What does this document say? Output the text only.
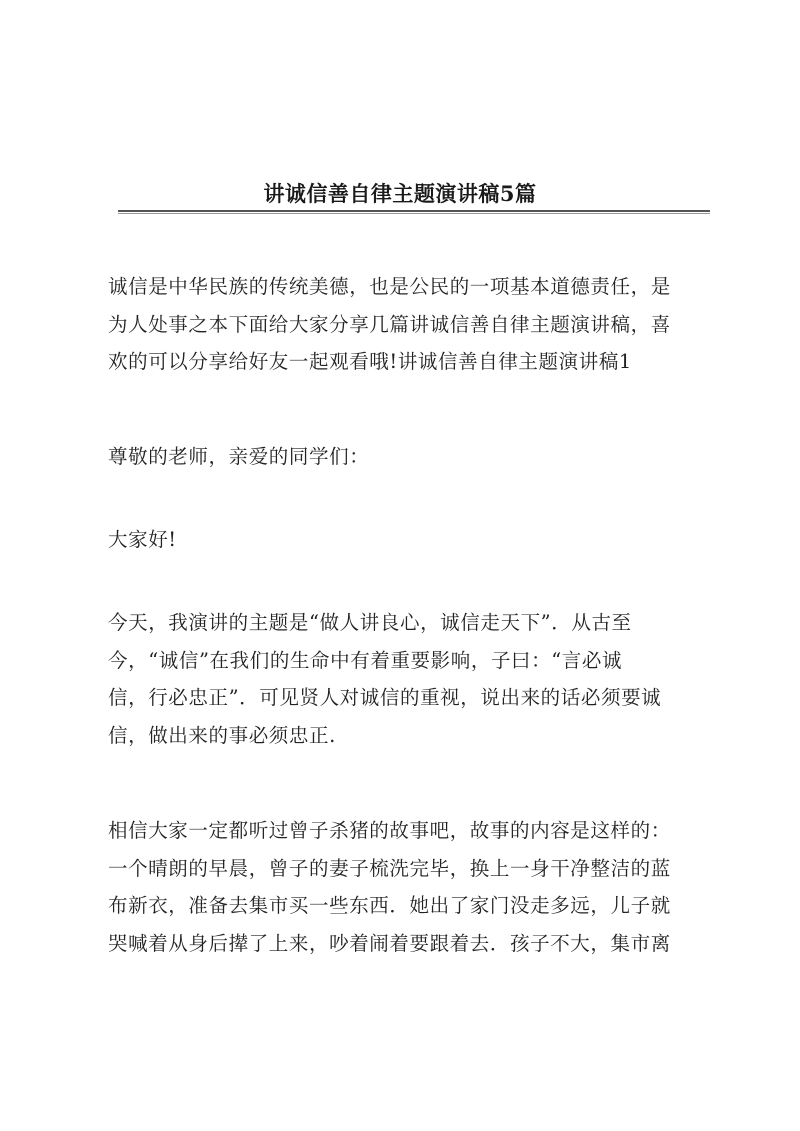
讲诚信善自律主题演讲稿5篇

诚信是中华民族的传统美德，也是公民的一项基本道德责任，是
为人处事之本下面给大家分享几篇讲诚信善自律主题演讲稿，喜
欢的可以分享给好友一起观看哦!讲诚信善自律主题演讲稿1

尊敬的老师，亲爱的同学们：

大家好!

今天，我演讲的主题是“做人讲良心，诚信走天下”．从古至
今，“诚信”在我们的生命中有着重要影响，子曰：“言必诚
信，行必忠正”．可见贤人对诚信的重视，说出来的话必须要诚
信，做出来的事必须忠正.

相信大家一定都听过曾子杀猪的故事吧，故事的内容是这样的：
一个晴朗的早晨，曾子的妻子梳洗完毕，换上一身干净整洁的蓝
布新衣，准备去集市买一些东西．她出了家门没走多远，儿子就
哭喊着从身后撵了上来，吵着闹着要跟着去．孩子不大，集市离
